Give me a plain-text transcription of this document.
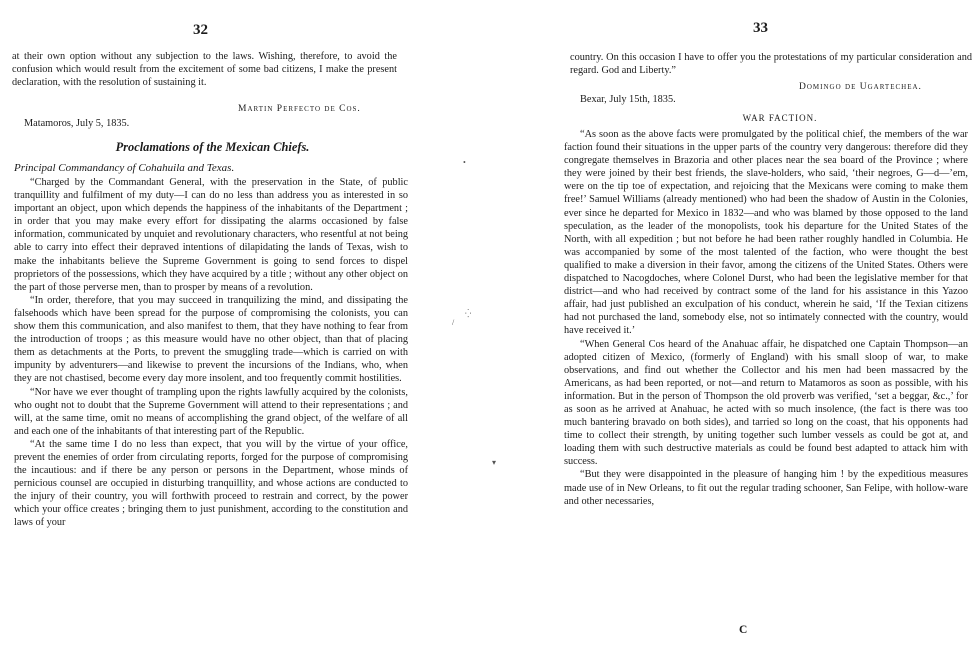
32

at their own option without any subjection to the laws. Wishing, therefore, to avoid the confusion which would result from the excitement of some bad citizens, I make the present declaration, with the resolution of sustaining it.

Martin Perfecto de Cos.
Matamoros, July 5, 1835.
Proclamations of the Mexican Chiefs.
Principal Commandancy of Cohahuila and Texas.

“Charged by the Commandant General, with the preservation in the State, of public tranquillity and fulfilment of my duty—I can do no less than address you as interested in so important an object, upon which depends the happiness of the inhabitants of the Department ; in order that you may make every effort for dissipating the alarms occasioned by false information, communicated by unquiet and revolutionary characters, who resentful at not being able to carry into effect their depraved intentions of dilapidating the lands of Texas, wish to make the inhabitants believe the Supreme Government is going to send forces to dispel proprietors of the possessions, which they have acquired by a title ; without any other object on the part of those perverse men, than to prosper by means of a revolution.

“In order, therefore, that you may succeed in tranquilizing the mind, and dissipating the falsehoods which have been spread for the purpose of compromising the colonists, you can show them this communication, and also manifest to them, that they have nothing to fear from the introduction of troops ; as this measure would have no other object, than that of placing them as detachments at the Ports, to prevent the smuggling trade—which is carried on with impunity by adventurers—and likewise to prevent the incursions of the Indians, who, when they are not chastised, become every day more insolent, and too frequently commit hostilities.

“Nor have we ever thought of trampling upon the rights lawfully acquired by the colonists, who ought not to doubt that the Supreme Government will attend to their representations ; and will, at the same time, omit no means of accomplishing the grand object, of the welfare of all and each one of the inhabitants of that interesting part of the Republic.

“At the same time I do no less than expect, that you will by the virtue of your office, prevent the enemies of order from circulating reports, forged for the purpose of compromising the incautious: and if there be any person or persons in the Department, whose minds of pernicious counsel are occupied in disturbing tranquillity, and whose actions are conducted to the injury of their country, you will forthwith proceed to restrain and correct, by the power which your office creates ; bringing them to just punishment, according to the constitution and laws of your

•
⁛
/
▾
33

country. On this occasion I have to offer you the protestations of my particular consideration and regard. God and Liberty.”

Domingo de Ugartechea.
Bexar, July 15th, 1835.
WAR FACTION.

“As soon as the above facts were promulgated by the political chief, the members of the war faction found their situations in the upper parts of the country very dangerous: therefore did they congregate themselves in Brazoria and other places near the sea board of the Province ; where they were joined by their best friends, the slave-holders, who said, ‘their negroes, G—d—’em, were on the tip toe of expectation, and rejoicing that the Mexicans were coming to make them free!’ Samuel Williams (already mentioned) who had been the shadow of Austin in the Colonies, ever since he departed for Mexico in 1832—and who was blamed by those opposed to the land speculation, as the leader of the monopolists, took his departure for the United States of the North, with all expedition ; but not before he had been rather roughly handled in Columbia. He was accompanied by some of the most talented of the faction, who were thought the best qualified to make a diversion in their favor, among the citizens of the United States. Others were dispatched to Nacogdoches, where Colonel Durst, who had been the legislative member for that district—and who had received by contract some of the land for his assistance in this Yazoo affair, had just published an exculpation of his conduct, wherein he said, ‘If the Texian citizens had not purchased the land, somebody else, not so intimately connected with the country, would have received it.’

“When General Cos heard of the Anahuac affair, he dispatched one Captain Thompson—an adopted citizen of Mexico, (formerly of England) with his small sloop of war, to make observations, and find out whether the Collector and his men had been massacred by the Americans, as had been reported, or not—and return to Matamoros as soon as possible, with his information. But in the person of Thompson the old proverb was verified, ‘set a beggar, &c.,’ for as soon as he arrived at Anahuac, he acted with so much insolence, (the fact is there was too much bantering bravado on both sides), and tarried so long on the coast, that his opponents had time to collect their strength, by uniting together such lumber vessels as could be got at, and loading them with such destructive materials as could be found best adapted to attack him with success.

“But they were disappointed in the pleasure of hanging him ! by the expeditious measures made use of in New Orleans, to fit out the regular trading schooner, San Felipe, with hollow-ware and other necessaries,

C
